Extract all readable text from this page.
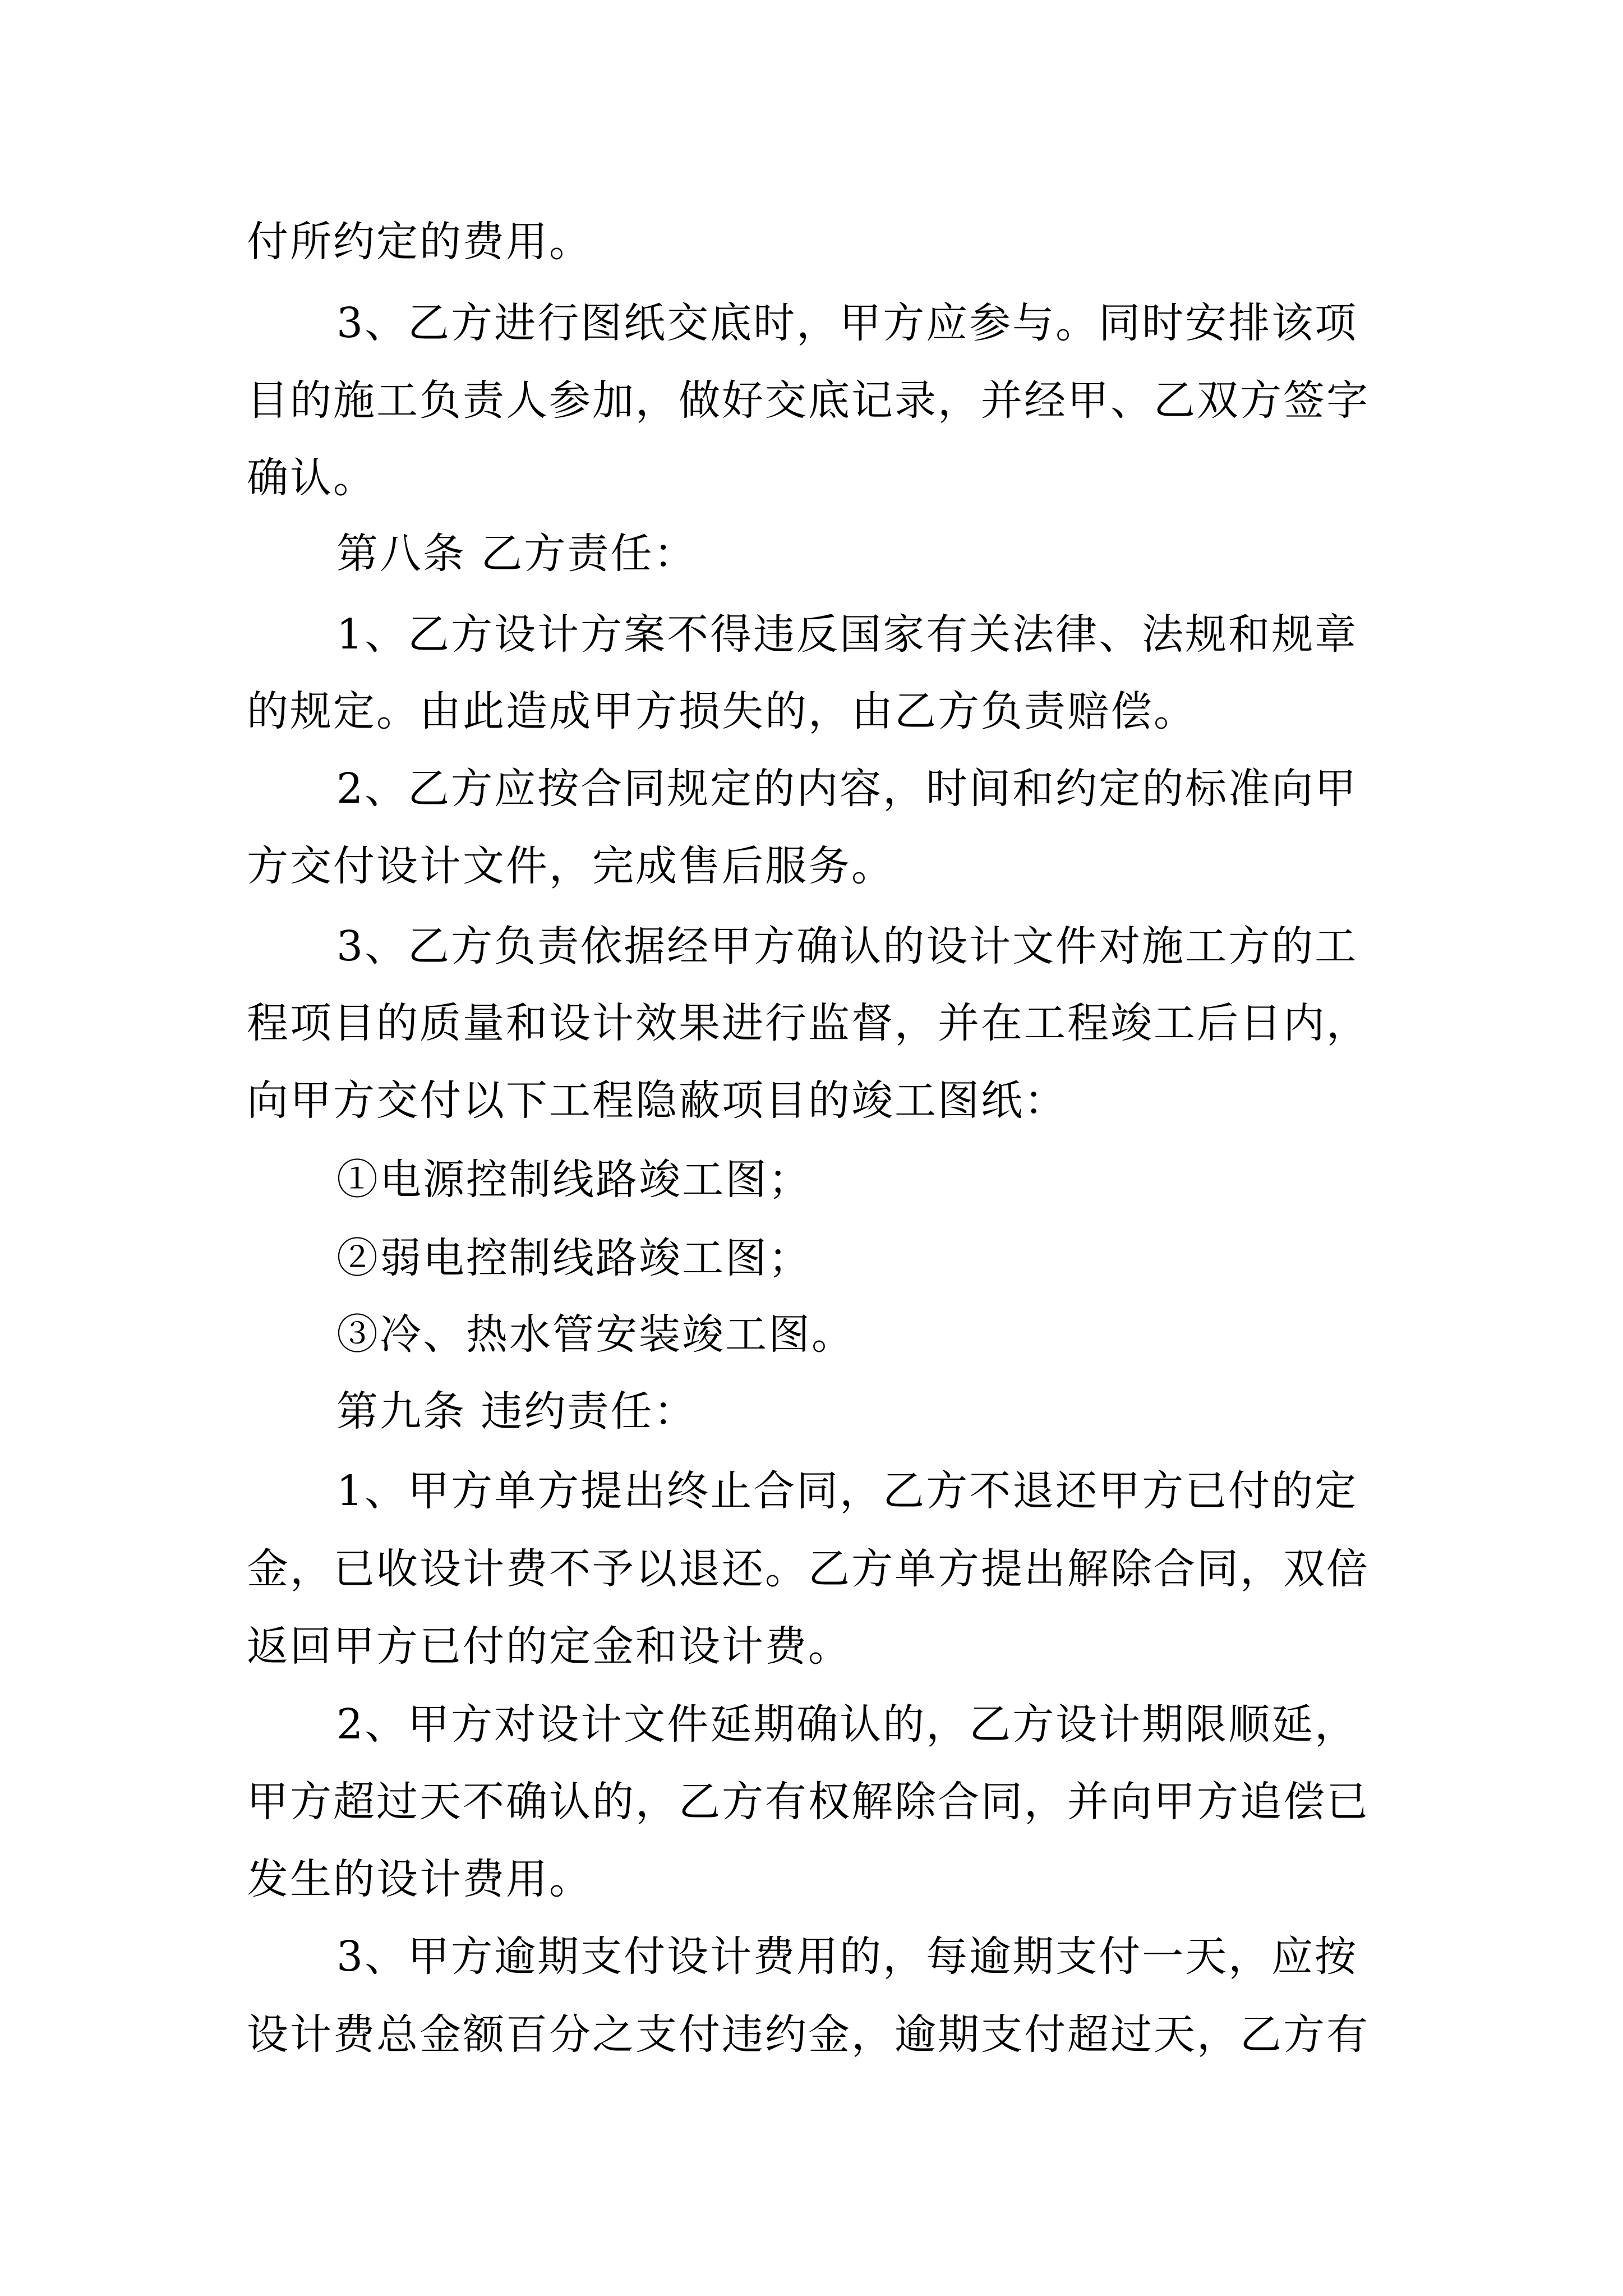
付所约定的费用。
3、乙方进行图纸交底时，甲方应参与。同时安排该项
目的施工负责人参加，做好交底记录，并经甲、乙双方签字
确认。
第八条 乙方责任：
1、乙方设计方案不得违反国家有关法律、法规和规章
的规定。由此造成甲方损失的，由乙方负责赔偿。
2、乙方应按合同规定的内容，时间和约定的标准向甲
方交付设计文件，完成售后服务。
3、乙方负责依据经甲方确认的设计文件对施工方的工
程项目的质量和设计效果进行监督，并在工程竣工后日内，
向甲方交付以下工程隐蔽项目的竣工图纸：
①电源控制线路竣工图；
②弱电控制线路竣工图；
③冷、热水管安装竣工图。
第九条 违约责任：
1、甲方单方提出终止合同，乙方不退还甲方已付的定
金，已收设计费不予以退还。乙方单方提出解除合同，双倍
返回甲方已付的定金和设计费。
2、甲方对设计文件延期确认的，乙方设计期限顺延，
甲方超过天不确认的，乙方有权解除合同，并向甲方追偿已
发生的设计费用。
3、甲方逾期支付设计费用的，每逾期支付一天，应按
设计费总金额百分之支付违约金，逾期支付超过天，乙方有
